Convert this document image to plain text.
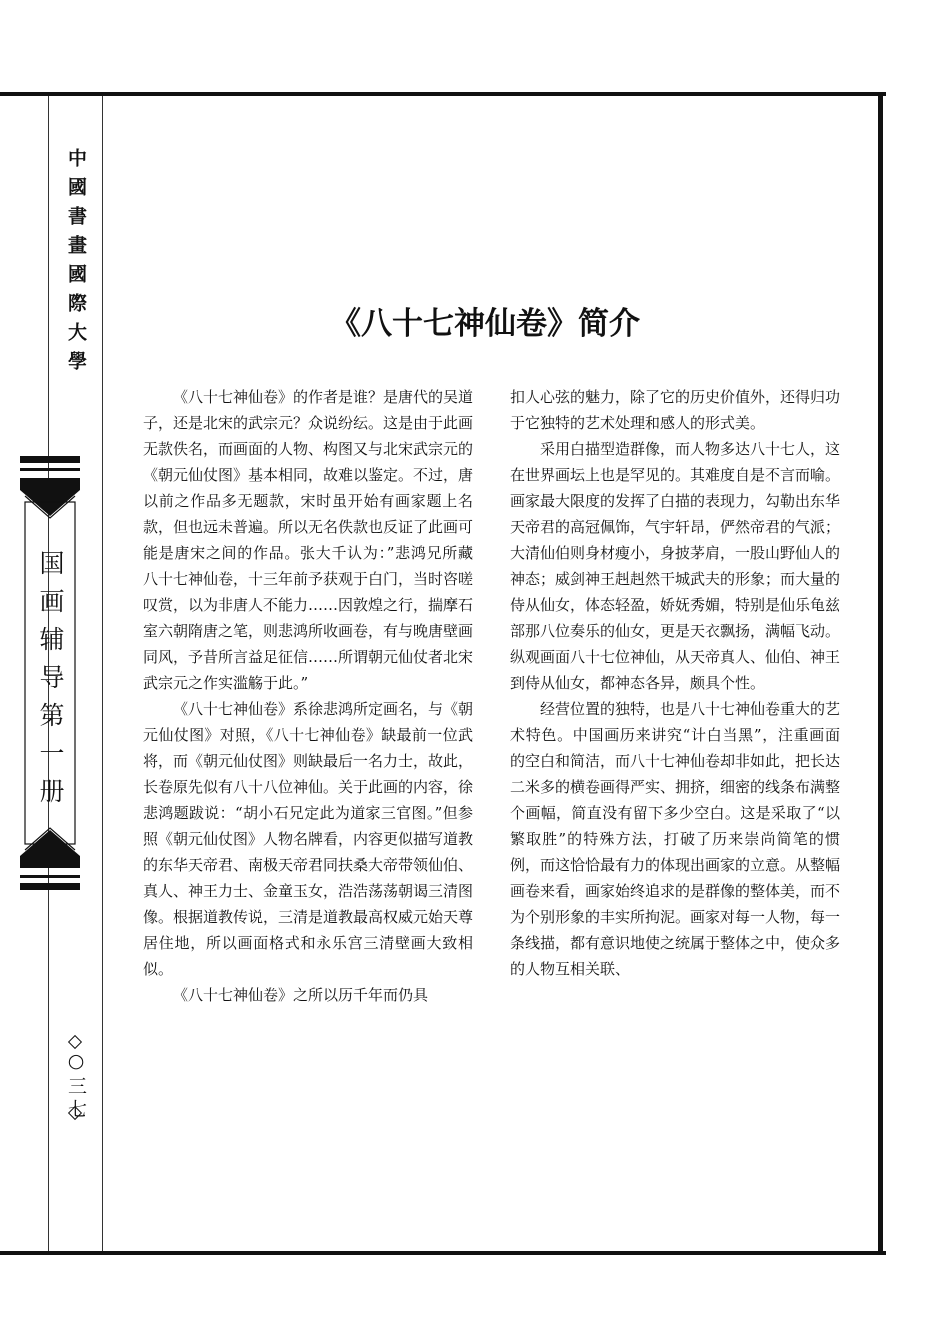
中國書畫國際大學
国画辅导第一册
○三七
《八十七神仙卷》简介

《八十七神仙卷》的作者是谁？是唐代的吴道子，还是北宋的武宗元？众说纷纭。这是由于此画无款佚名，而画面的人物、构图又与北宋武宗元的《朝元仙仗图》基本相同，故难以鉴定。不过，唐以前之作品多无题款，宋时虽开始有画家题上名款，但也远未普遍。所以无名佚款也反证了此画可能是唐宋之间的作品。张大千认为：”悲鸿兄所藏八十七神仙卷，十三年前予获观于白门，当时咨嗟叹赏，以为非唐人不能力……因敦煌之行，揣摩石室六朝隋唐之笔，则悲鸿所收画卷，有与晚唐壁画同风，予昔所言益足征信……所谓朝元仙仗者北宋武宗元之作实滥觞于此。”

《八十七神仙卷》系徐悲鸿所定画名，与《朝元仙仗图》对照，《八十七神仙卷》缺最前一位武将，而《朝元仙仗图》则缺最后一名力士，故此，长卷原先似有八十八位神仙。关于此画的内容，徐悲鸿题跋说：“胡小石兄定此为道家三官图。”但参照《朝元仙仗图》人物名牌看，内容更似描写道教的东华天帝君、南极天帝君同扶桑大帝带领仙伯、真人、神王力士、金童玉女，浩浩荡荡朝谒三清图像。根据道教传说，三清是道教最高权威元始天尊居住地，所以画面格式和永乐宫三清壁画大致相似。

《八十七神仙卷》之所以历千年而仍具

扣人心弦的魅力，除了它的历史价值外，还得归功于它独特的艺术处理和感人的形式美。

采用白描型造群像，而人物多达八十七人，这在世界画坛上也是罕见的。其难度自是不言而喻。画家最大限度的发挥了白描的表现力，勾勒出东华天帝君的高冠佩饰，气宇轩昂，俨然帝君的气派；大清仙伯则身材瘦小，身披茅肩，一股山野仙人的神态；威剑神王赳赳然干城武夫的形象；而大量的侍从仙女，体态轻盈，娇妩秀媚，特别是仙乐龟兹部那八位奏乐的仙女，更是天衣飘扬，满幅飞动。纵观画面八十七位神仙，从天帝真人、仙伯、神王到侍从仙女，都神态各异，颇具个性。

经营位置的独特，也是八十七神仙卷重大的艺术特色。中国画历来讲究“计白当黑”，注重画面的空白和简洁，而八十七神仙卷却非如此，把长达二米多的横卷画得严实、拥挤，细密的线条布满整个画幅，简直没有留下多少空白。这是采取了“以繁取胜”的特殊方法，打破了历来崇尚简笔的惯例，而这恰恰最有力的体现出画家的立意。从整幅画卷来看，画家始终追求的是群像的整体美，而不为个别形象的丰实所拘泥。画家对每一人物，每一条线描，都有意识地使之统属于整体之中，使众多的人物互相关联、
